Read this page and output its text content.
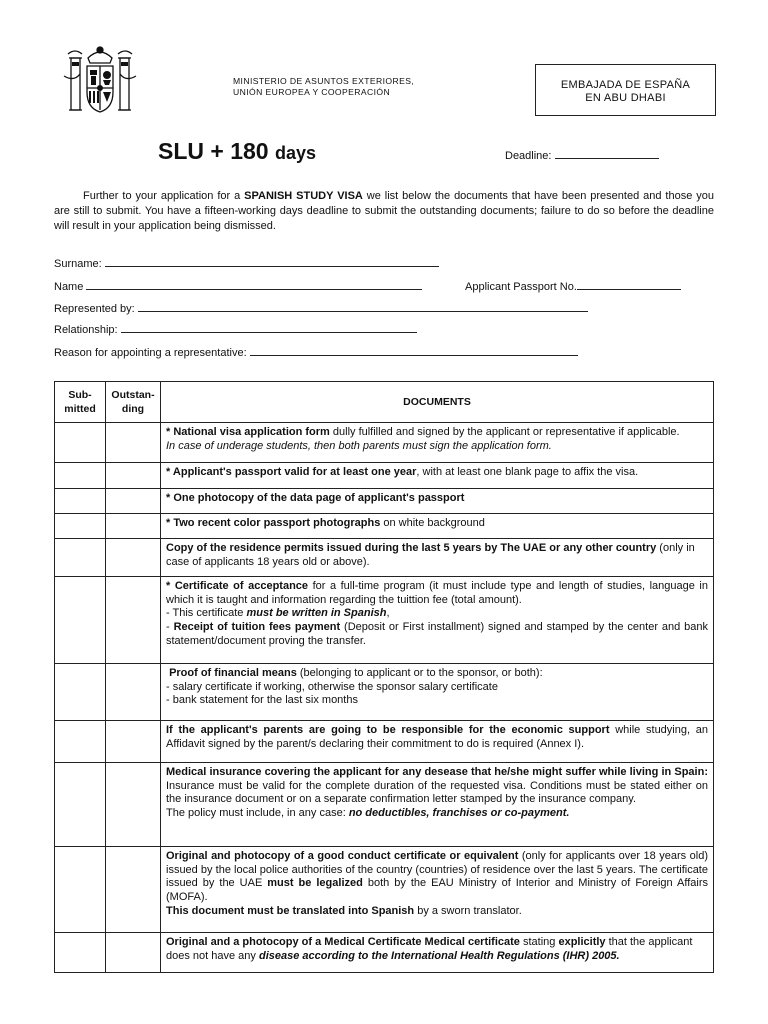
MINISTERIO DE ASUNTOS EXTERIORES,
UNIÓN EUROPEA Y COOPERACIÓN
EMBAJADA DE ESPAÑA
EN ABU DHABI
SLU + 180 days	Deadline:
Further to your application for a SPANISH STUDY VISA we list below the documents that have been presented and those you are still to submit. You have a fifteen-working days deadline to submit the outstanding documents; failure to do so before the deadline will result in your application being dismissed.
Surname:
Name	Applicant Passport No.
Represented by:
Relationship:
Reason for appointing a representative:
Sub-mitted	Outstan-ding	DOCUMENTS
		* National visa application form dully fulfilled and signed by the applicant or representative if applicable.
In case of underage students, then both parents must sign the application form.
		* Applicant's passport valid for at least one year, with at least one blank page to affix the visa.
		* One photocopy of the data page of applicant's passport
		* Two recent color passport photographs on white background
		Copy of the residence permits issued during the last 5 years by The UAE or any other country (only in case of applicants 18 years old or above).
		* Certificate of acceptance for a full-time program (it must include type and length of studies, language in which it is taught and information regarding the tuittion fee (total amount).
- This certificate must be written in Spanish,
- Receipt of tuition fees payment (Deposit or First installment) signed and stamped by the center and bank statement/document proving the transfer.
		Proof of financial means (belonging to applicant or to the sponsor, or both):
- salary certificate if working, otherwise the sponsor salary certificate
- bank statement for the last six months
		If the applicant's parents are going to be responsible for the economic support while studying, an Affidavit signed by the parent/s declaring their commitment to do is required (Annex I).
		Medical insurance covering the applicant for any desease that he/she might suffer while living in Spain: Insurance must be valid for the complete duration of the requested visa. Conditions must be stated either on the insurance document or on a separate confirmation letter stamped by the insurance company.
The policy must include, in any case: no deductibles, franchises or co-payment.
		Original and photocopy of a good conduct certificate or equivalent (only for applicants over 18 years old) issued by the local police authorities of the country (countries) of residence over the last 5 years. The certificate issued by the UAE must be legalized both by the EAU Ministry of Interior and Ministry of Foreign Affairs (MOFA).
This document must be translated into Spanish by a sworn translator.
		Original and a photocopy of a Medical Certificate Medical certificate stating explicitly that the applicant does not have any disease according to the International Health Regulations (IHR) 2005.
